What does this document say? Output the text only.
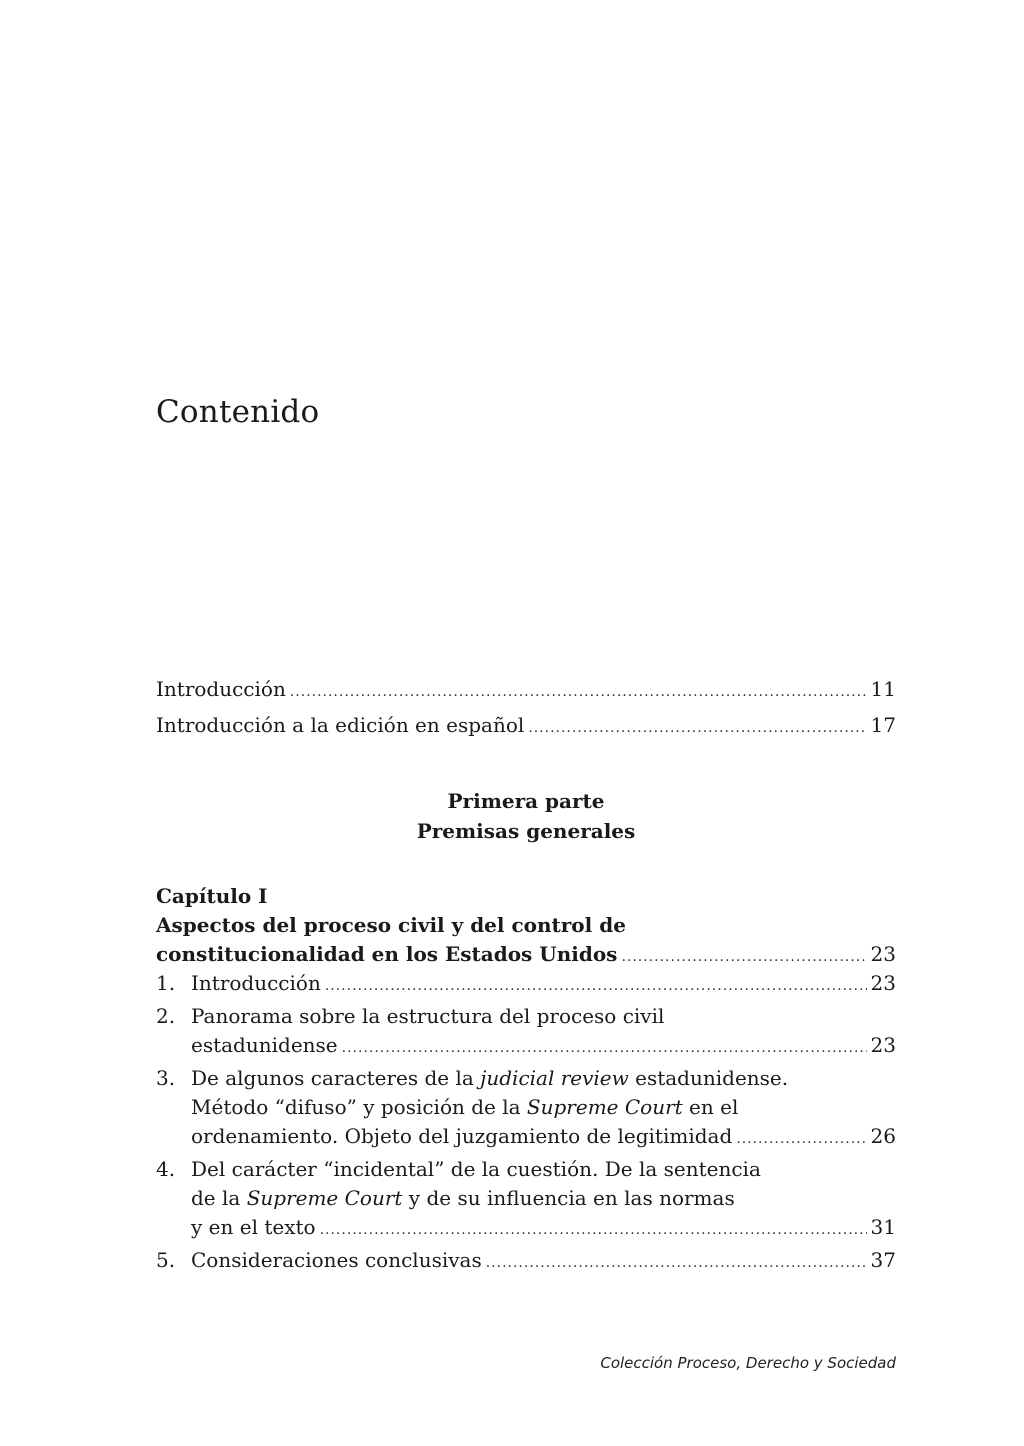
Contenido
Introducción .....	11
Introducción a la edición en español .....	17
Primera parte
Premisas generales
Capítulo I
Aspectos del proceso civil y del control de
constitucionalidad en los Estados Unidos .....	23
1. Introducción .....	23
2. Panorama sobre la estructura del proceso civil
estadunidense .....	23
3. De algunos caracteres de la judicial review estadunidense.
Método “difuso” y posición de la Supreme Court en el
ordenamiento. Objeto del juzgamiento de legitimidad .....	26
4. Del carácter “incidental” de la cuestión. De la sentencia
de la Supreme Court y de su influencia en las normas
y en el texto .....	31
5. Consideraciones conclusivas .....	37
Colección Proceso, Derecho y Sociedad
